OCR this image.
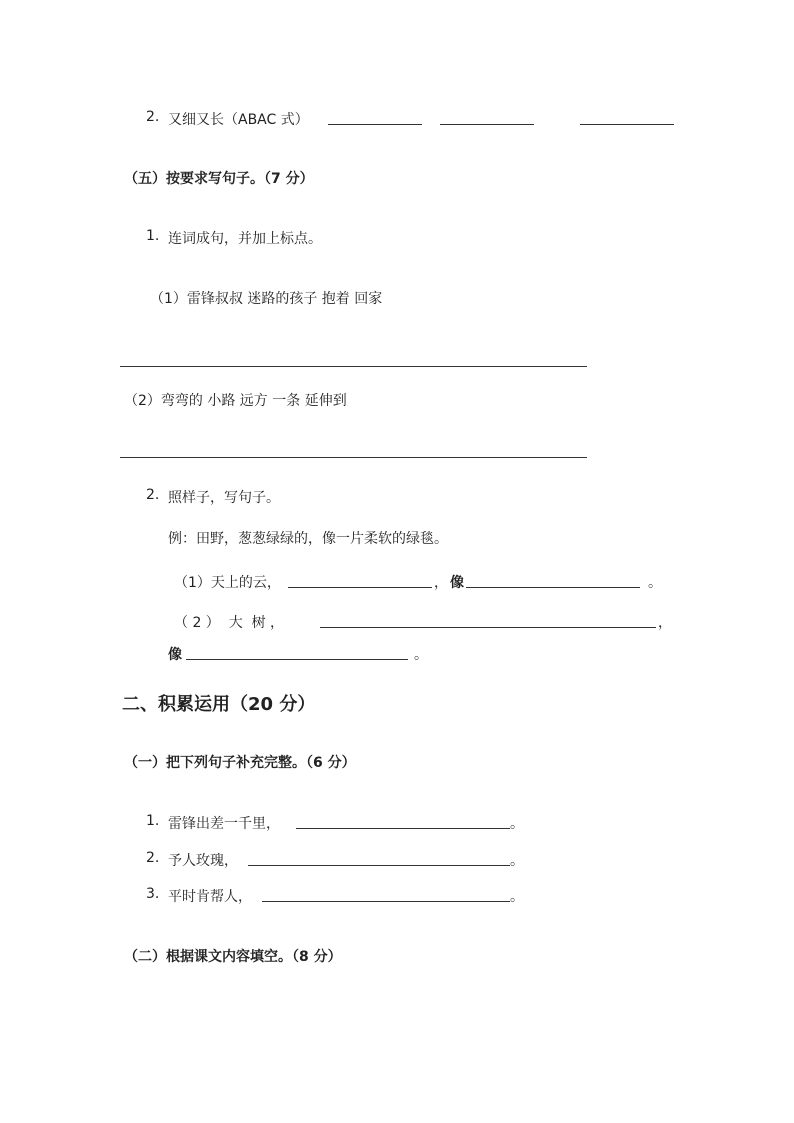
2. 又细又长（ABAC 式）
（五）按要求写句子。（7 分）
1. 连词成句，并加上标点。
（1）雷锋叔叔 迷路的孩子 抱着 回家
（2）弯弯的 小路 远方 一条 延伸到
2. 照样子，写句子。
例：田野，葱葱绿绿的，像一片柔软的绿毯。
（1）天上的云，	， 像	。
（ 2 ）  大  树 ，	，
像	。
二、积累运用（20 分）
（一）把下列句子补充完整。（6 分）
1. 雷锋出差一千里，	。
2. 予人玫瑰，	。
3. 平时肯帮人，	。
（二）根据课文内容填空。（8 分）
